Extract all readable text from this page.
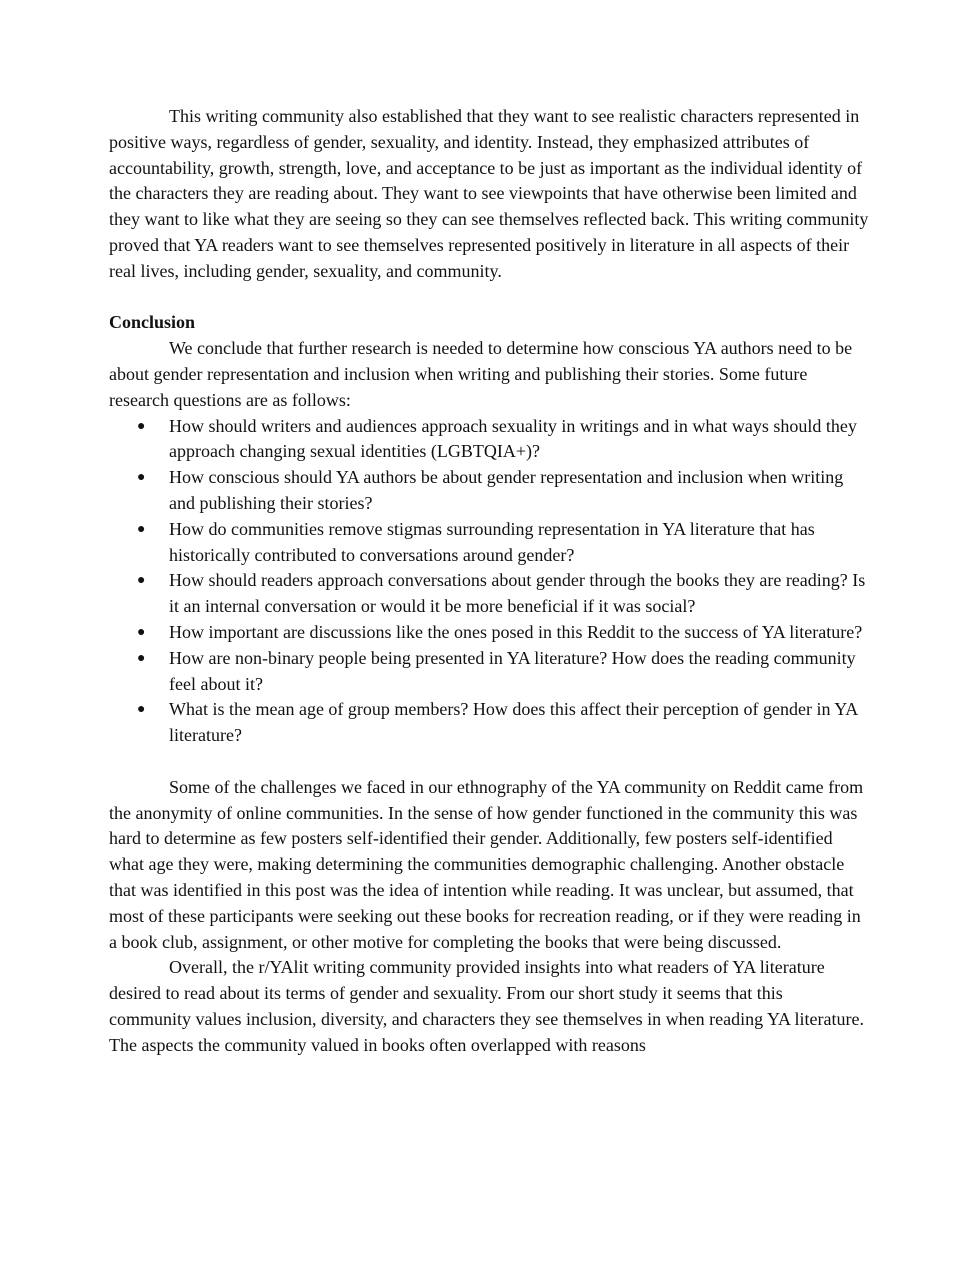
This writing community also established that they want to see realistic characters represented in positive ways, regardless of gender, sexuality, and identity. Instead, they emphasized attributes of accountability, growth, strength, love, and acceptance to be just as important as the individual identity of the characters they are reading about. They want to see viewpoints that have otherwise been limited and they want to like what they are seeing so they can see themselves reflected back. This writing community proved that YA readers want to see themselves represented positively in literature in all aspects of their real lives, including gender, sexuality, and community.

Conclusion

We conclude that further research is needed to determine how conscious YA authors need to be about gender representation and inclusion when writing and publishing their stories. Some future research questions are as follows:

● How should writers and audiences approach sexuality in writings and in what ways should they approach changing sexual identities (LGBTQIA+)?
● How conscious should YA authors be about gender representation and inclusion when writing and publishing their stories?
● How do communities remove stigmas surrounding representation in YA literature that has historically contributed to conversations around gender?
● How should readers approach conversations about gender through the books they are reading? Is it an internal conversation or would it be more beneficial if it was social?
● How important are discussions like the ones posed in this Reddit to the success of YA literature?
● How are non-binary people being presented in YA literature? How does the reading community feel about it?
● What is the mean age of group members? How does this affect their perception of gender in YA literature?

Some of the challenges we faced in our ethnography of the YA community on Reddit came from the anonymity of online communities. In the sense of how gender functioned in the community this was hard to determine as few posters self-identified their gender. Additionally, few posters self-identified what age they were, making determining the communities demographic challenging. Another obstacle that was identified in this post was the idea of intention while reading. It was unclear, but assumed, that most of these participants were seeking out these books for recreation reading, or if they were reading in a book club, assignment, or other motive for completing the books that were being discussed.

Overall, the r/YAlit writing community provided insights into what readers of YA literature desired to read about its terms of gender and sexuality. From our short study it seems that this community values inclusion, diversity, and characters they see themselves in when reading YA literature. The aspects the community valued in books often overlapped with reasons
